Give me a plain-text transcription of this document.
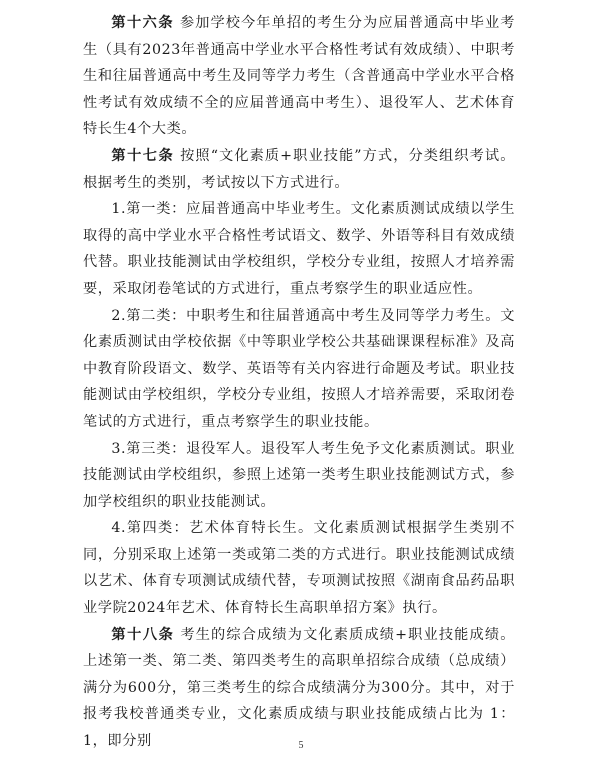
第十六条 参加学校今年单招的考生分为应届普通高中毕业考生（具有2023年普通高中学业水平合格性考试有效成绩）、中职考生和往届普通高中考生及同等学力考生（含普通高中学业水平合格性考试有效成绩不全的应届普通高中考生）、退役军人、艺术体育特长生4个大类。

第十七条 按照“文化素质+职业技能”方式，分类组织考试。根据考生的类别，考试按以下方式进行。

1.第一类：应届普通高中毕业考生。文化素质测试成绩以学生取得的高中学业水平合格性考试语文、数学、外语等科目有效成绩代替。职业技能测试由学校组织，学校分专业组，按照人才培养需要，采取闭卷笔试的方式进行，重点考察学生的职业适应性。

2.第二类：中职考生和往届普通高中考生及同等学力考生。文化素质测试由学校依据《中等职业学校公共基础课课程标准》及高中教育阶段语文、数学、英语等有关内容进行命题及考试。职业技能测试由学校组织，学校分专业组，按照人才培养需要，采取闭卷笔试的方式进行，重点考察学生的职业技能。

3.第三类：退役军人。退役军人考生免予文化素质测试。职业技能测试由学校组织，参照上述第一类考生职业技能测试方式，参加学校组织的职业技能测试。

4.第四类：艺术体育特长生。文化素质测试根据学生类别不同，分别采取上述第一类或第二类的方式进行。职业技能测试成绩以艺术、体育专项测试成绩代替，专项测试按照《湖南食品药品职业学院2024年艺术、体育特长生高职单招方案》执行。

第十八条 考生的综合成绩为文化素质成绩+职业技能成绩。上述第一类、第二类、第四类考生的高职单招综合成绩（总成绩）满分为600分，第三类考生的综合成绩满分为300分。其中，对于报考我校普通类专业，文化素质成绩与职业技能成绩占比为 1：1，即分别	5
